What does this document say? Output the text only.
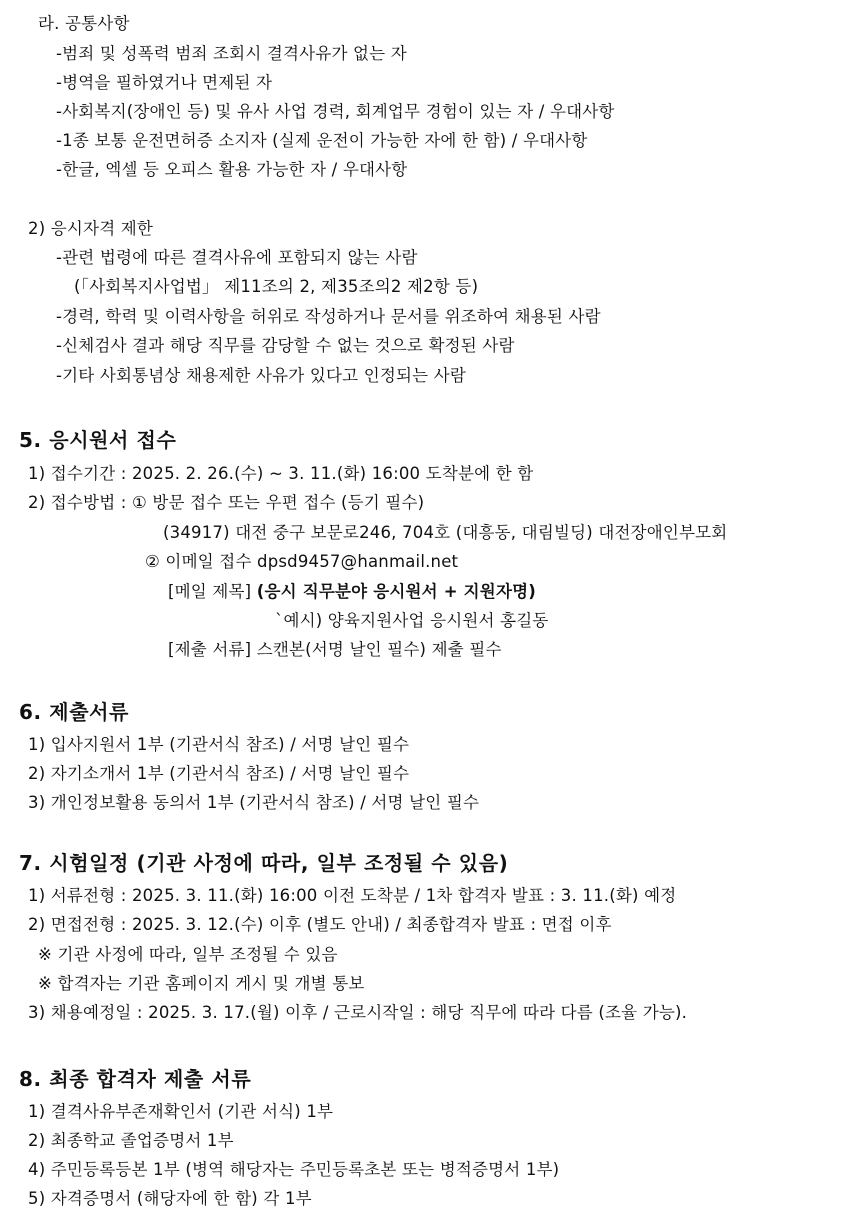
라. 공통사항
-범죄 및 성폭력 범죄 조회시 결격사유가 없는 자
-병역을 필하였거나 면제된 자
-사회복지(장애인 등) 및 유사 사업 경력, 회계업무 경험이 있는 자 / 우대사항
-1종 보통 운전면허증 소지자 (실제 운전이 가능한 자에 한 함) / 우대사항
-한글, 엑셀 등 오피스 활용 가능한 자 / 우대사항
2) 응시자격 제한
-관련 법령에 따른 결격사유에 포함되지 않는 사람
(「사회복지사업법」 제11조의 2, 제35조의2 제2항 등)
-경력, 학력 및 이력사항을 허위로 작성하거나 문서를 위조하여 채용된 사람
-신체검사 결과 해당 직무를 감당할 수 없는 것으로 확정된 사람
-기타 사회통념상 채용제한 사유가 있다고 인정되는 사람
5. 응시원서 접수
1) 접수기간 : 2025. 2. 26.(수) ~ 3. 11.(화) 16:00 도착분에 한 함
2) 접수방법 : ① 방문 접수 또는 우편 접수 (등기 필수)
(34917) 대전 중구 보문로246, 704호 (대흥동, 대림빌딩) 대전장애인부모회
② 이메일 접수 dpsd9457@hanmail.net
[메일 제목] (응시 직무분야 응시원서 + 지원자명)
`예시) 양육지원사업 응시원서 홍길동
[제출 서류] 스캔본(서명 날인 필수) 제출 필수
6. 제출서류
1) 입사지원서 1부 (기관서식 참조) / 서명 날인 필수
2) 자기소개서 1부 (기관서식 참조) / 서명 날인 필수
3) 개인정보활용 동의서 1부 (기관서식 참조) / 서명 날인 필수
7. 시험일정 (기관 사정에 따라, 일부 조정될 수 있음)
1) 서류전형 : 2025. 3. 11.(화) 16:00 이전 도착분 / 1차 합격자 발표 : 3. 11.(화) 예정
2) 면접전형 : 2025. 3. 12.(수) 이후 (별도 안내) / 최종합격자 발표 : 면접 이후
※ 기관 사정에 따라, 일부 조정될 수 있음
※ 합격자는 기관 홈페이지 게시 및 개별 통보
3) 채용예정일 : 2025. 3. 17.(월) 이후 / 근로시작일 : 해당 직무에 따라 다름 (조율 가능).
8. 최종 합격자 제출 서류
1) 결격사유부존재확인서 (기관 서식) 1부
2) 최종학교 졸업증명서 1부
4) 주민등록등본 1부 (병역 해당자는 주민등록초본 또는 병적증명서 1부)
5) 자격증명서 (해당자에 한 함) 각 1부
